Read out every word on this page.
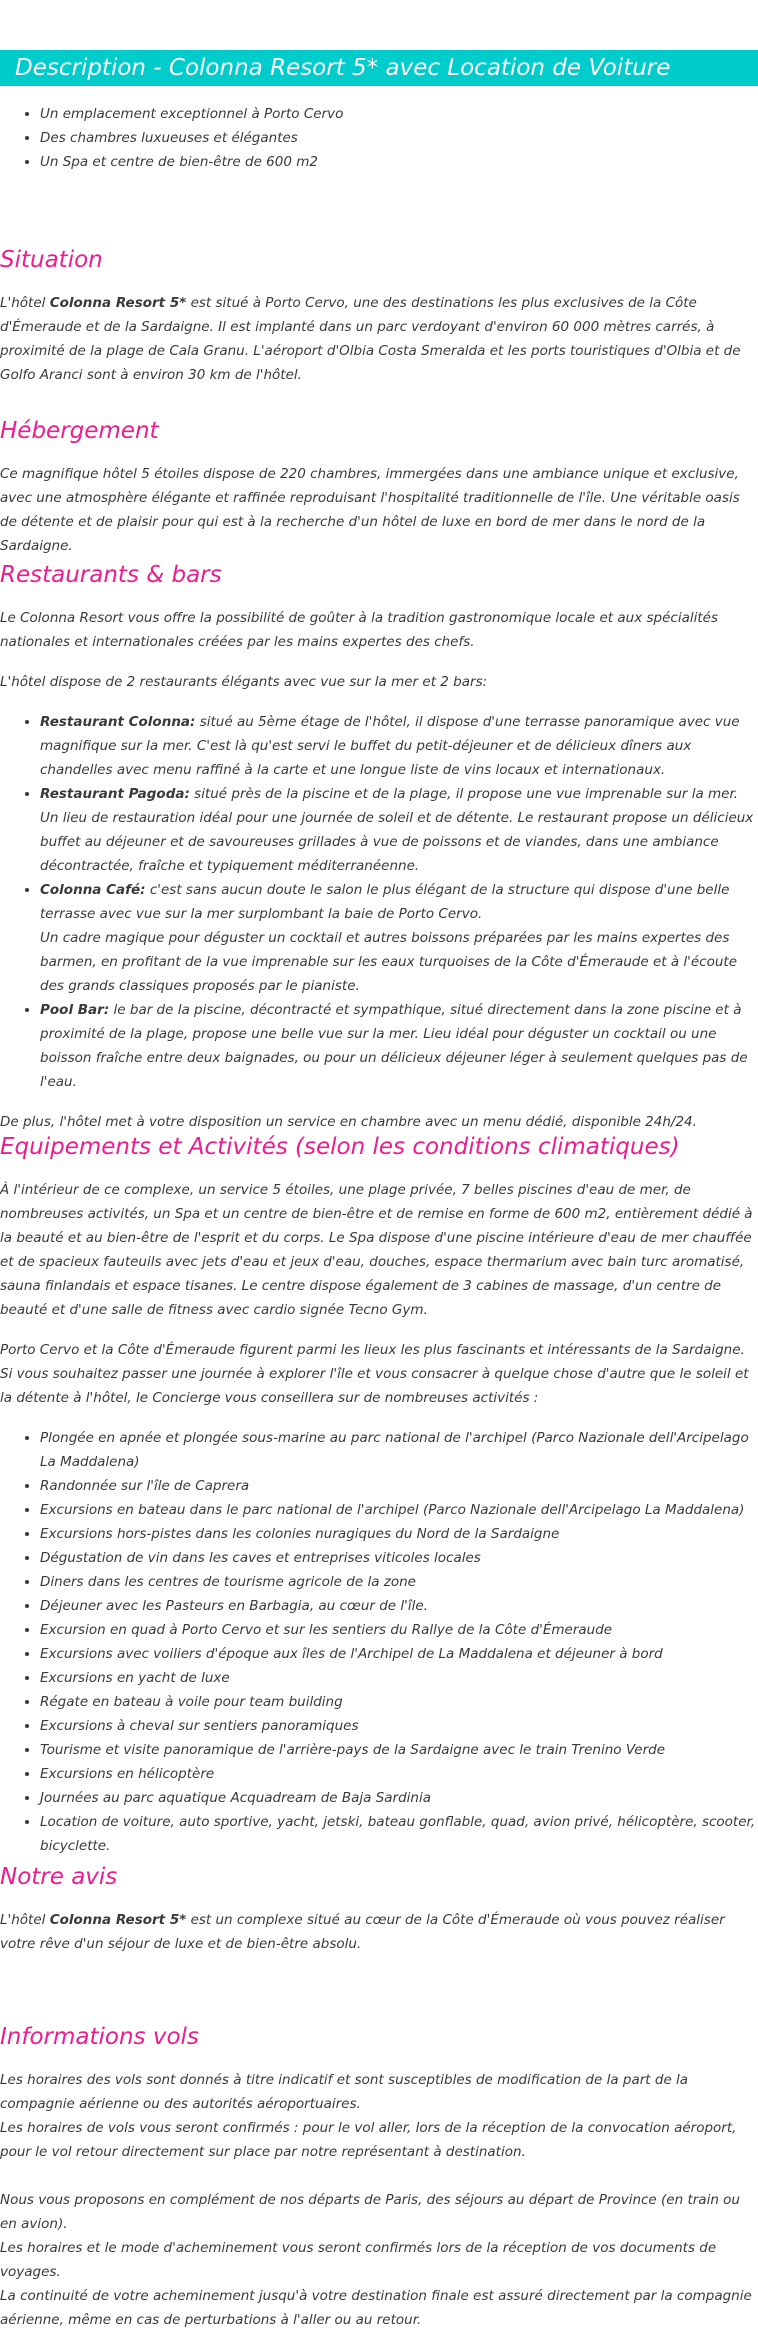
Description - Colonna Resort 5* avec Location de Voiture
• Un emplacement exceptionnel à Porto Cervo
• Des chambres luxueuses et élégantes
• Un Spa et centre de bien-être de 600 m2
Situation

L'hôtel Colonna Resort 5* est situé à Porto Cervo, une des destinations les plus exclusives de la Côte d'Émeraude et de la Sardaigne. Il est implanté dans un parc verdoyant d'environ 60 000 mètres carrés, à proximité de la plage de Cala Granu. L'aéroport d'Olbia Costa Smeralda et les ports touristiques d'Olbia et de Golfo Aranci sont à environ 30 km de l'hôtel.

Hébergement

Ce magnifique hôtel 5 étoiles dispose de 220 chambres, immergées dans une ambiance unique et exclusive, avec une atmosphère élégante et raffinée reproduisant l'hospitalité traditionnelle de l'île. Une véritable oasis de détente et de plaisir pour qui est à la recherche d'un hôtel de luxe en bord de mer dans le nord de la Sardaigne.

Restaurants & bars

Le Colonna Resort vous offre la possibilité de goûter à la tradition gastronomique locale et aux spécialités nationales et internationales créées par les mains expertes des chefs.

L'hôtel dispose de 2 restaurants élégants avec vue sur la mer et 2 bars:

• Restaurant Colonna: situé au 5ème étage de l'hôtel, il dispose d'une terrasse panoramique avec vue magnifique sur la mer. C'est là qu'est servi le buffet du petit-déjeuner et de délicieux dîners aux chandelles avec menu raffiné à la carte et une longue liste de vins locaux et internationaux.
• Restaurant Pagoda: situé près de la piscine et de la plage, il propose une vue imprenable sur la mer. Un lieu de restauration idéal pour une journée de soleil et de détente. Le restaurant propose un délicieux buffet au déjeuner et de savoureuses grillades à vue de poissons et de viandes, dans une ambiance décontractée, fraîche et typiquement méditerranéenne.
• Colonna Café: c'est sans aucun doute le salon le plus élégant de la structure qui dispose d'une belle terrasse avec vue sur la mer surplombant la baie de Porto Cervo.
Un cadre magique pour déguster un cocktail et autres boissons préparées par les mains expertes des barmen, en profitant de la vue imprenable sur les eaux turquoises de la Côte d'Émeraude et à l'écoute des grands classiques proposés par le pianiste.
• Pool Bar: le bar de la piscine, décontracté et sympathique, situé directement dans la zone piscine et à proximité de la plage, propose une belle vue sur la mer. Lieu idéal pour déguster un cocktail ou une boisson fraîche entre deux baignades, ou pour un délicieux déjeuner léger à seulement quelques pas de l'eau.

De plus, l'hôtel met à votre disposition un service en chambre avec un menu dédié, disponible 24h/24.

Equipements et Activités (selon les conditions climatiques)

À l'intérieur de ce complexe, un service 5 étoiles, une plage privée, 7 belles piscines d'eau de mer, de nombreuses activités, un Spa et un centre de bien-être et de remise en forme de 600 m2, entièrement dédié à la beauté et au bien-être de l'esprit et du corps. Le Spa dispose d'une piscine intérieure d'eau de mer chauffée et de spacieux fauteuils avec jets d'eau et jeux d'eau, douches, espace thermarium avec bain turc aromatisé, sauna finlandais et espace tisanes. Le centre dispose également de 3 cabines de massage, d'un centre de beauté et d'une salle de fitness avec cardio signée Tecno Gym.

Porto Cervo et la Côte d'Émeraude figurent parmi les lieux les plus fascinants et intéressants de la Sardaigne. Si vous souhaitez passer une journée à explorer l'île et vous consacrer à quelque chose d'autre que le soleil et la détente à l'hôtel, le Concierge vous conseillera sur de nombreuses activités :

• Plongée en apnée et plongée sous-marine au parc national de l'archipel (Parco Nazionale dell'Arcipelago La Maddalena)
• Randonnée sur l'île de Caprera
• Excursions en bateau dans le parc national de l'archipel (Parco Nazionale dell'Arcipelago La Maddalena)
• Excursions hors-pistes dans les colonies nuragiques du Nord de la Sardaigne
• Dégustation de vin dans les caves et entreprises viticoles locales
• Diners dans les centres de tourisme agricole de la zone
• Déjeuner avec les Pasteurs en Barbagia, au cœur de l'île.
• Excursion en quad à Porto Cervo et sur les sentiers du Rallye de la Côte d'Émeraude
• Excursions avec voiliers d'époque aux îles de l'Archipel de La Maddalena et déjeuner à bord
• Excursions en yacht de luxe
• Régate en bateau à voile pour team building
• Excursions à cheval sur sentiers panoramiques
• Tourisme et visite panoramique de l'arrière-pays de la Sardaigne avec le train Trenino Verde
• Excursions en hélicoptère
• Journées au parc aquatique Acquadream de Baja Sardinia
• Location de voiture, auto sportive, yacht, jetski, bateau gonflable, quad, avion privé, hélicoptère, scooter, bicyclette.
Notre avis

L'hôtel Colonna Resort 5* est un complexe situé au cœur de la Côte d'Émeraude où vous pouvez réaliser votre rêve d'un séjour de luxe et de bien-être absolu.

Informations vols

Les horaires des vols sont donnés à titre indicatif et sont susceptibles de modification de la part de la compagnie aérienne ou des autorités aéroportuaires.
Les horaires de vols vous seront confirmés : pour le vol aller, lors de la réception de la convocation aéroport, pour le vol retour directement sur place par notre représentant à destination.

Nous vous proposons en complément de nos départs de Paris, des séjours au départ de Province (en train ou en avion).
Les horaires et le mode d'acheminement vous seront confirmés lors de la réception de vos documents de voyages.
La continuité de votre acheminement jusqu'à votre destination finale est assuré directement par la compagnie aérienne, même en cas de perturbations à l'aller ou au retour.
